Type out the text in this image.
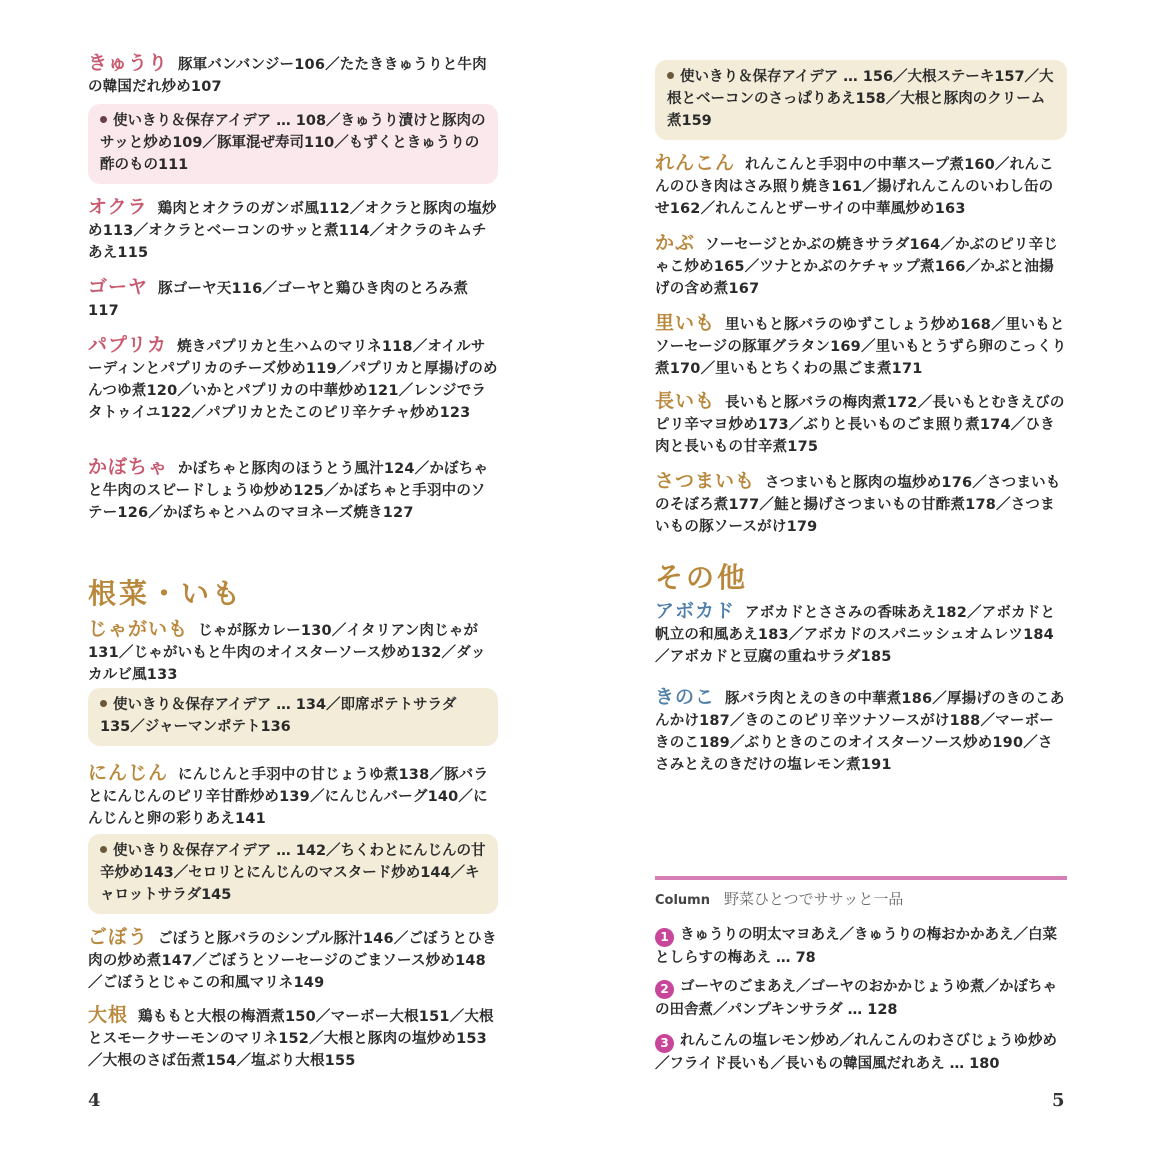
きゅうり 豚軍バンバンジー106／たたききゅうりと牛肉の韓国だれ炒め107
使いきり＆保存アイデア … 108／きゅうり漬けと豚肉のサッと炒め109／豚軍混ぜ寿司110／もずくときゅうりの酢のもの111
オクラ 鶏肉とオクラのガンボ風112／オクラと豚肉の塩炒め113／オクラとベーコンのサッと煮114／オクラのキムチあえ115
ゴーヤ 豚ゴーヤ天116／ゴーヤと鶏ひき肉のとろみ煮117
パプリカ 焼きパプリカと生ハムのマリネ118／オイルサーディンとパプリカのチーズ炒め119／パプリカと厚揚げのめんつゆ煮120／いかとパプリカの中華炒め121／レンジでラタトゥイユ122／パプリカとたこのピリ辛ケチャ炒め123
かぼちゃ かぼちゃと豚肉のほうとう風汁124／かぼちゃと牛肉のスピードしょうゆ炒め125／かぼちゃと手羽中のソテー126／かぼちゃとハムのマヨネーズ焼き127
根菜・いも
じゃがいも じゃが豚カレー130／イタリアン肉じゃが131／じゃがいもと牛肉のオイスターソース炒め132／ダッカルビ風133
使いきり＆保存アイデア … 134／即席ポテトサラダ135／ジャーマンポテト136
にんじん にんじんと手羽中の甘じょうゆ煮138／豚バラとにんじんのピリ辛甘酢炒め139／にんじんバーグ140／にんじんと卵の彩りあえ141
使いきり＆保存アイデア … 142／ちくわとにんじんの甘辛炒め143／セロリとにんじんのマスタード炒め144／キャロットサラダ145
ごぼう ごぼうと豚バラのシンプル豚汁146／ごぼうとひき肉の炒め煮147／ごぼうとソーセージのごまソース炒め148／ごぼうとじゃこの和風マリネ149
大根 鶏ももと大根の梅酒煮150／マーボー大根151／大根とスモークサーモンのマリネ152／大根と豚肉の塩炒め153／大根のさば缶煮154／塩ぶり大根155
4
使いきり＆保存アイデア … 156／大根ステーキ157／大根とベーコンのさっぱりあえ158／大根と豚肉のクリーム煮159
れんこん れんこんと手羽中の中華スープ煮160／れんこんのひき肉はさみ照り焼き161／揚げれんこんのいわし缶のせ162／れんこんとザーサイの中華風炒め163
かぶ ソーセージとかぶの焼きサラダ164／かぶのピリ辛じゃこ炒め165／ツナとかぶのケチャップ煮166／かぶと油揚げの含め煮167
里いも 里いもと豚バラのゆずこしょう炒め168／里いもとソーセージの豚軍グラタン169／里いもとうずら卵のこっくり煮170／里いもとちくわの黒ごま煮171
長いも 長いもと豚バラの梅肉煮172／長いもとむきえびのピリ辛マヨ炒め173／ぶりと長いものごま照り煮174／ひき肉と長いもの甘辛煮175
さつまいも さつまいもと豚肉の塩炒め176／さつまいものそぼろ煮177／鮭と揚げさつまいもの甘酢煮178／さつまいもの豚ソースがけ179
その他
アボカド アボカドとささみの香味あえ182／アボカドと帆立の和風あえ183／アボカドのスパニッシュオムレツ184／アボカドと豆腐の重ねサラダ185
きのこ 豚バラ肉とえのきの中華煮186／厚揚げのきのこあんかけ187／きのこのピリ辛ツナソースがけ188／マーボーきのこ189／ぶりときのこのオイスターソース炒め190／ささみとえのきだけの塩レモン煮191
Column 野菜ひとつでササッと一品
1 きゅうりの明太マヨあえ／きゅうりの梅おかかあえ／白菜としらすの梅あえ … 78
2 ゴーヤのごまあえ／ゴーヤのおかかじょうゆ煮／かぼちゃの田舎煮／パンプキンサラダ … 128
3 れんこんの塩レモン炒め／れんこんのわさびじょうゆ炒め／フライド長いも／長いもの韓国風だれあえ … 180
5
